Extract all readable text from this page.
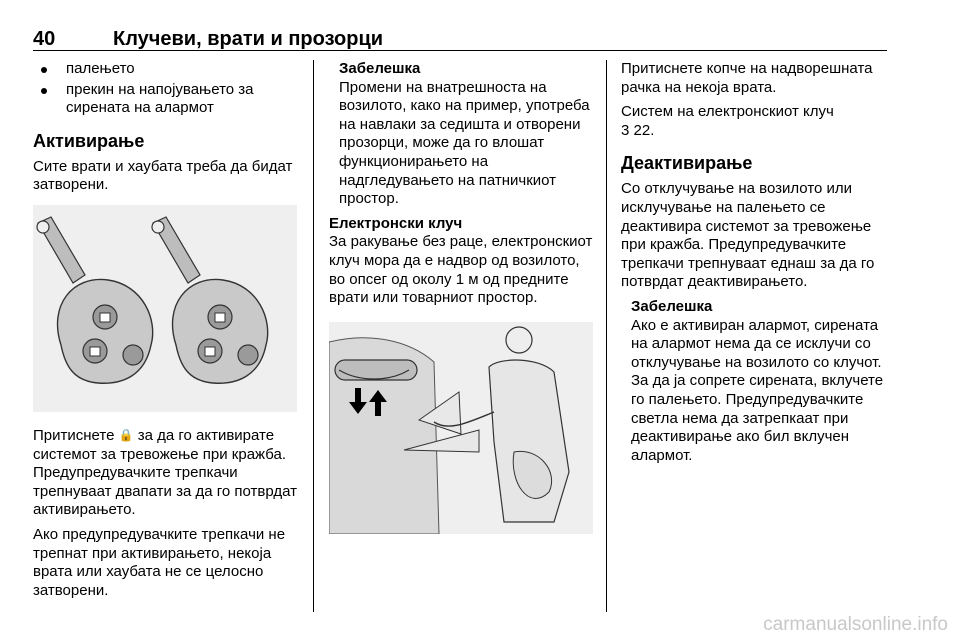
40	Клучеви, врати и прозорци
палењето
прекин на напојувањето за сирената на алармот
Активирање

Сите врати и хаубата треба да бидат затворени.

Притиснете 🔒 за да го активирате системот за тревожење при кражба. Предупредувачките трепкачи трепнуваат двапати за да го потврдат активирањето.

Ако предупредувачките трепкачи не трепнат при активирањето, некоја врата или хаубата не се целосно затворени.

Забелешка

Промени на внатрешноста на возилото, како на пример, употреба на навлаки за седишта и отворени прозорци, може да го влошат функционирањето на надгледувањето на патничкиот простор.

Електронски клуч

За ракување без раце, електронскиот клуч мора да е надвор од возилото, во опсег од околу 1 м од предните врати или товарниот простор.

Притиснете копче на надворешната рачка на некоја врата.

Систем на електронскиот клуч
3 22.

Деактивирање

Со отклучување на возилото или исклучување на палењето се деактивира системот за тревожење при кражба. Предупредувачките трепкачи трепнуваат еднаш за да го потврдат деактивирањето.

Забелешка

Ако е активиран алармот, сирената на алармот нема да се исклучи со отклучување на возилото со клучот. За да ја сопрете сирената, вклучете го палењето. Предупредувачките светла нема да затрепкаат при деактивирање ако бил вклучен алармот.

carmanualsonline.info
